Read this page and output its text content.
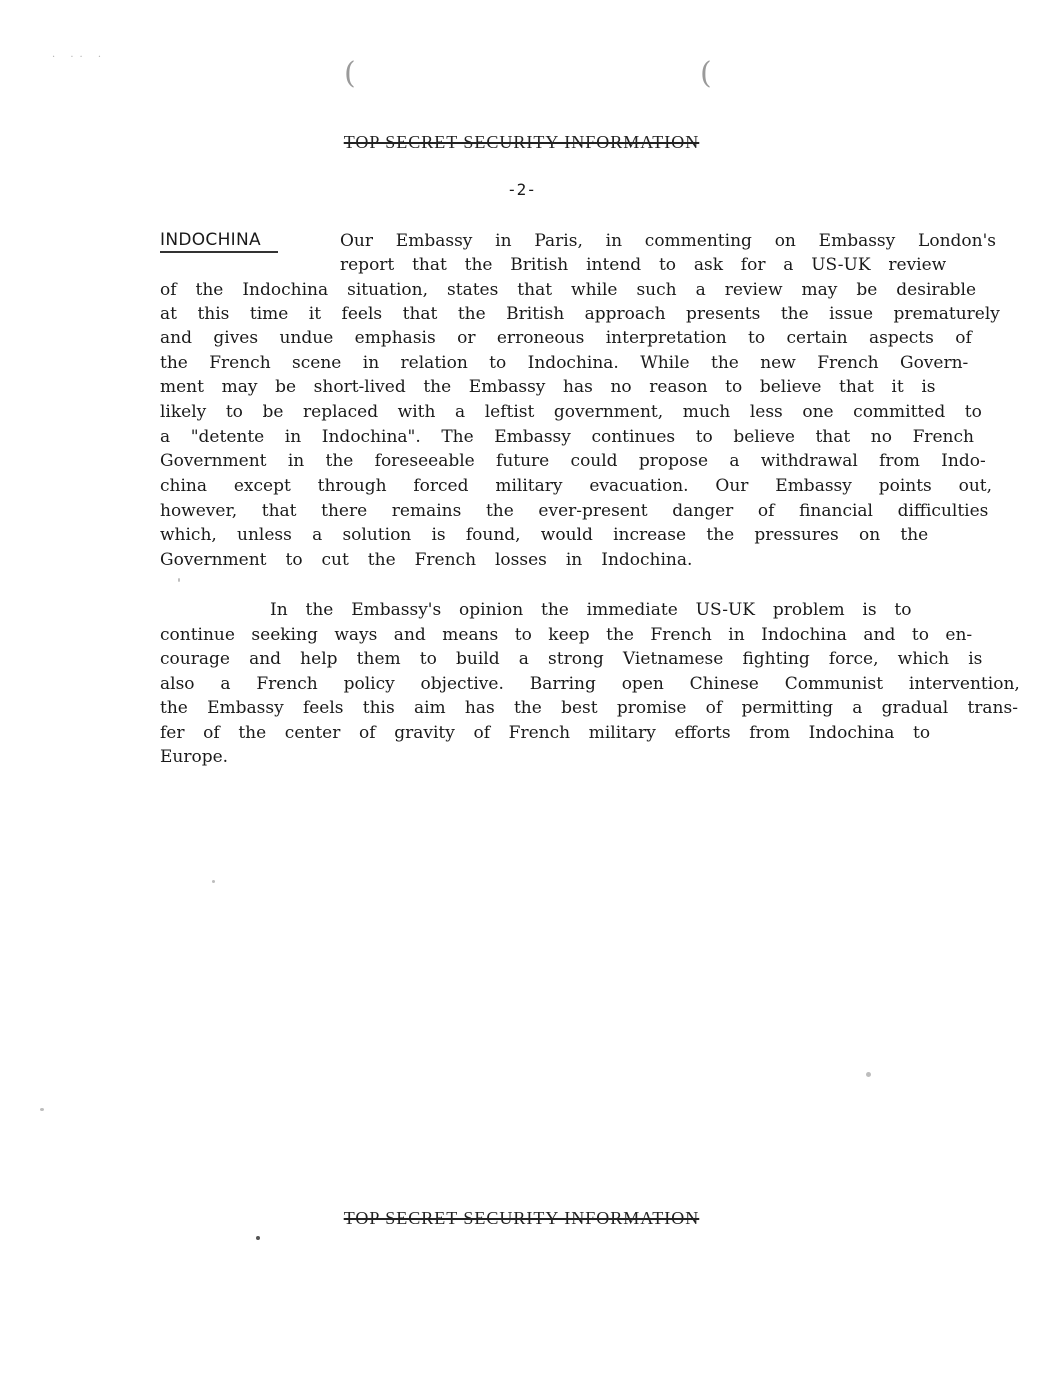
· ·· ·	(	(
TOP SECRET SECURITY INFORMATION
-2-
INDOCHINA	Our Embassy in Paris, in commenting on Embassy London's
report that the British intend to ask for a US-UK review
of the Indochina situation, states that while such a review may be desirable
at this time it feels that the British approach presents the issue prematurely
and gives undue emphasis or erroneous interpretation to certain aspects of
the French scene in relation to Indochina. While the new French Govern-
ment may be short-lived the Embassy has no reason to believe that it is
likely to be replaced with a leftist government, much less one committed to
a "detente in Indochina". The Embassy continues to believe that no French
Government in the foreseeable future could propose a withdrawal from Indo-
china except through forced military evacuation. Our Embassy points out,
however, that there remains the ever-present danger of financial difficulties
which, unless a solution is found, would increase the pressures on the
Government to cut the French losses in Indochina.
In the Embassy's opinion the immediate US-UK problem is to
continue seeking ways and means to keep the French in Indochina and to en-
courage and help them to build a strong Vietnamese fighting force, which is
also a French policy objective. Barring open Chinese Communist intervention,
the Embassy feels this aim has the best promise of permitting a gradual trans-
fer of the center of gravity of French military efforts from Indochina to
Europe.
TOP SECRET SECURITY INFORMATION
